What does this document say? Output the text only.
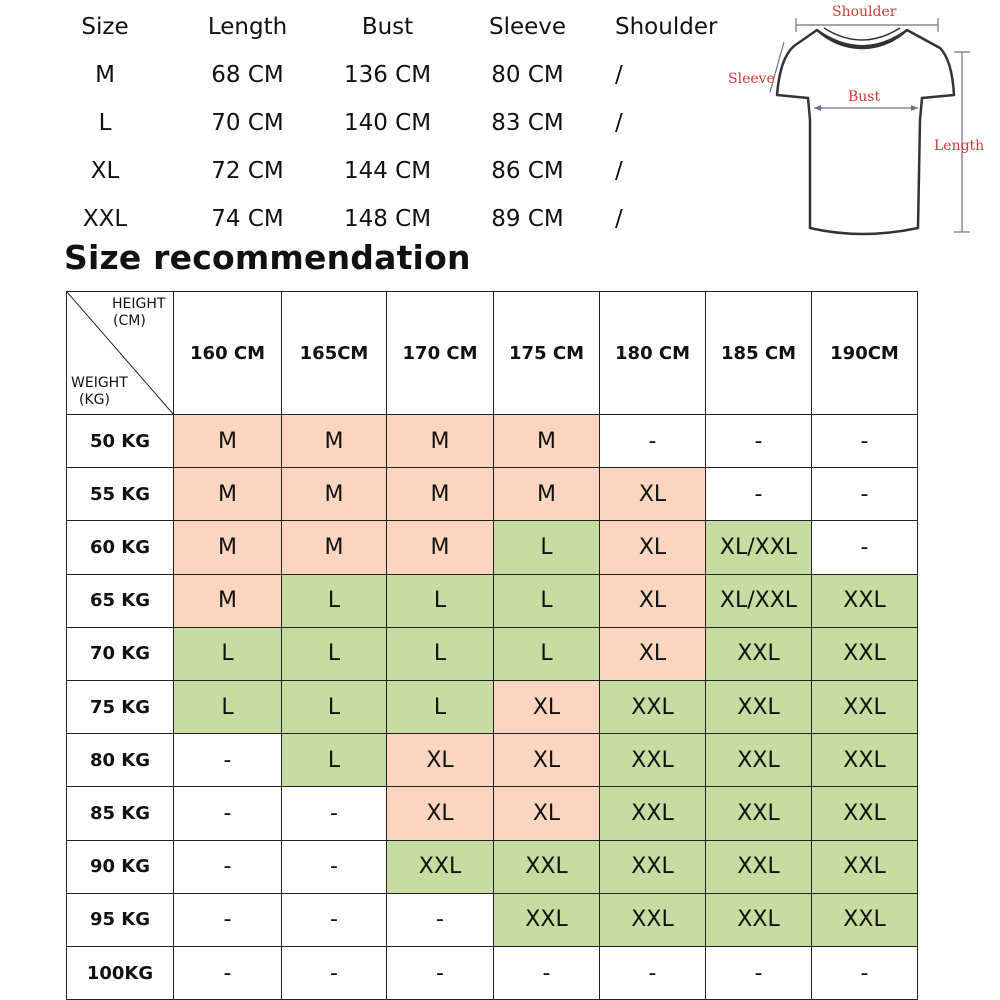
Size	Length	Bust	Sleeve	Shoulder
M	68 CM	136 CM	80 CM	/
L	70 CM	140 CM	83 CM	/
XL	72 CM	144 CM	86 CM	/
XXL	74 CM	148 CM	89 CM	/
Shoulder
Sleeve
Bust
Length
Size recommendation
HEIGHT
(CM)
WEIGHT
(KG)
160 CM	165CM	170 CM	175 CM	180 CM	185 CM	190CM
50 KG	M	M	M	M	-	-	-
55 KG	M	M	M	M	XL	-	-
60 KG	M	M	M	L	XL	XL/XXL	-
65 KG	M	L	L	L	XL	XL/XXL	XXL
70 KG	L	L	L	L	XL	XXL	XXL
75 KG	L	L	L	XL	XXL	XXL	XXL
80 KG	-	L	XL	XL	XXL	XXL	XXL
85 KG	-	-	XL	XL	XXL	XXL	XXL
90 KG	-	-	XXL	XXL	XXL	XXL	XXL
95 KG	-	-	-	XXL	XXL	XXL	XXL
100KG	-	-	-	-	-	-	-
